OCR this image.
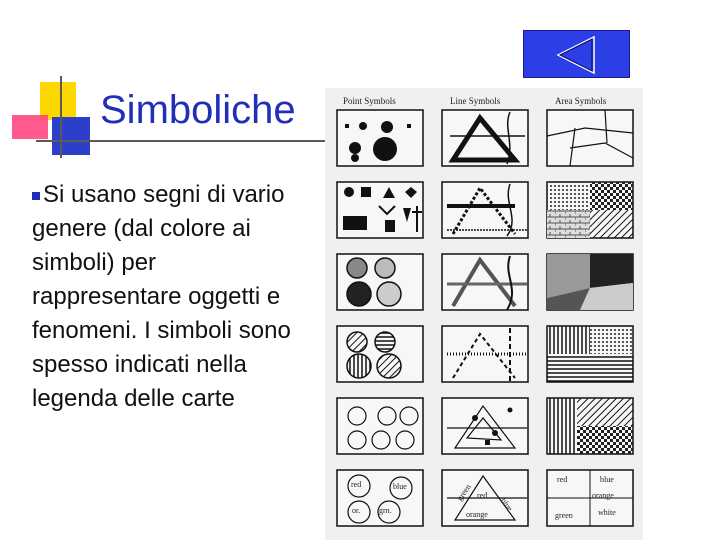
Simboliche
Si usano segni di vario genere (dal colore ai simboli) per rappresentare oggetti e fenomeni. I simboli sono spesso indicati nella legenda delle carte
Point Symbols	Line Symbols	Area Symbols
red	blue
or. grn.
green red
blue
orange
red	blue
orange
green	white
